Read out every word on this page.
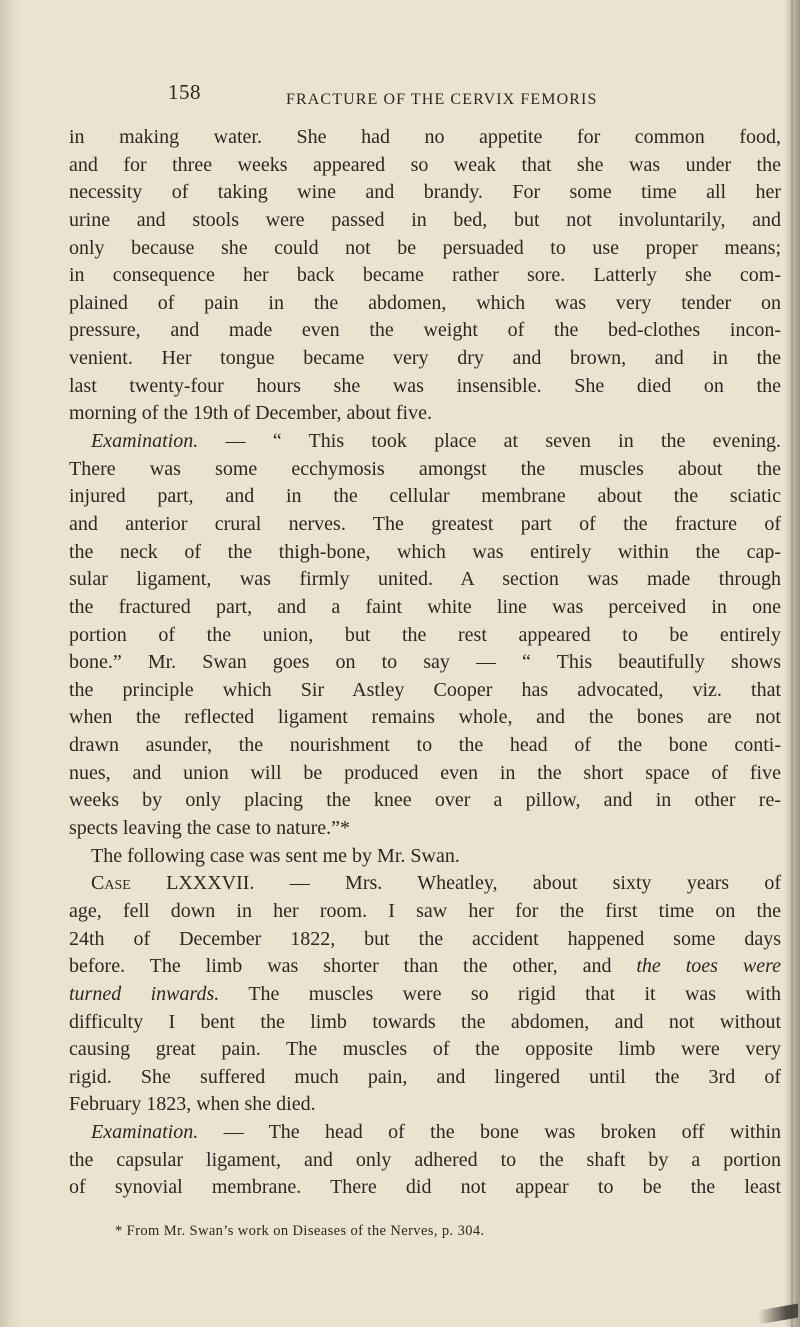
158	FRACTURE OF THE CERVIX FEMORIS
in making water. She had no appetite for common food,
and for three weeks appeared so weak that she was under the
necessity of taking wine and brandy. For some time all her
urine and stools were passed in bed, but not involuntarily, and
only because she could not be persuaded to use proper means;
in consequence her back became rather sore. Latterly she com-
plained of pain in the abdomen, which was very tender on
pressure, and made even the weight of the bed-clothes incon-
venient. Her tongue became very dry and brown, and in the
last twenty-four hours she was insensible. She died on the
morning of the 19th of December, about five.
Examination. — “ This took place at seven in the evening.
There was some ecchymosis amongst the muscles about the
injured part, and in the cellular membrane about the sciatic
and anterior crural nerves. The greatest part of the fracture of
the neck of the thigh-bone, which was entirely within the cap-
sular ligament, was firmly united. A section was made through
the fractured part, and a faint white line was perceived in one
portion of the union, but the rest appeared to be entirely
bone.” Mr. Swan goes on to say — “ This beautifully shows
the principle which Sir Astley Cooper has advocated, viz. that
when the reflected ligament remains whole, and the bones are not
drawn asunder, the nourishment to the head of the bone conti-
nues, and union will be produced even in the short space of five
weeks by only placing the knee over a pillow, and in other re-
spects leaving the case to nature.”*
The following case was sent me by Mr. Swan.
Case LXXXVII. — Mrs. Wheatley, about sixty years of
age, fell down in her room. I saw her for the first time on the
24th of December 1822, but the accident happened some days
before. The limb was shorter than the other, and the toes were
turned inwards. The muscles were so rigid that it was with
difficulty I bent the limb towards the abdomen, and not without
causing great pain. The muscles of the opposite limb were very
rigid. She suffered much pain, and lingered until the 3rd of
February 1823, when she died.
Examination. — The head of the bone was broken off within
the capsular ligament, and only adhered to the shaft by a portion
of synovial membrane. There did not appear to be the least
* From Mr. Swan’s work on Diseases of the Nerves, p. 304.
